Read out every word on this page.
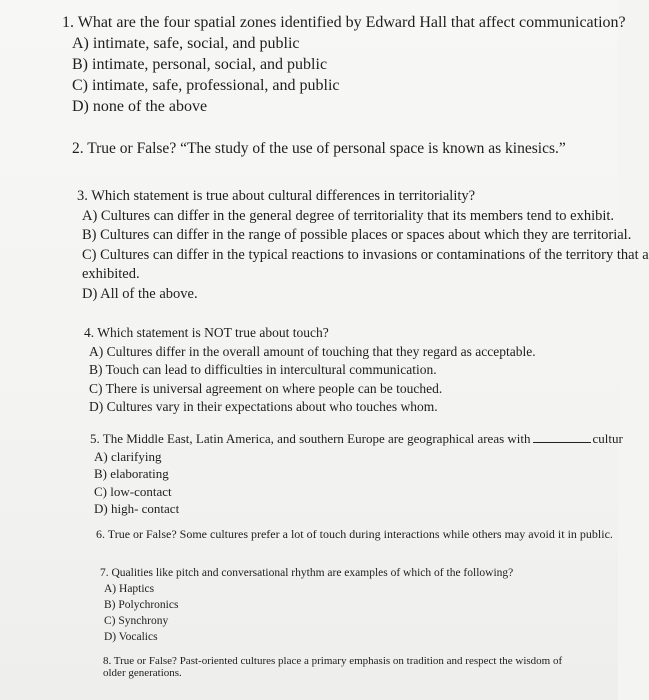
1. What are the four spatial zones identified by Edward Hall that affect communication?
A) intimate, safe, social, and public
B) intimate, personal, social, and public
C) intimate, safe, professional, and public
D) none of the above
2. True or False? “The study of the use of personal space is known as kinesics.”
3. Which statement is true about cultural differences in territoriality?
A) Cultures can differ in the general degree of territoriality that its members tend to exhibit.
B) Cultures can differ in the range of possible places or spaces about which they are territorial.
C) Cultures can differ in the typical reactions to invasions or contaminations of the territory that a
exhibited.
D) All of the above.
4. Which statement is NOT true about touch?
A) Cultures differ in the overall amount of touching that they regard as acceptable.
B) Touch can lead to difficulties in intercultural communication.
C) There is universal agreement on where people can be touched.
D) Cultures vary in their expectations about who touches whom.
5. The Middle East, Latin America, and southern Europe are geographical areas with	cultur
A) clarifying
B) elaborating
C) low-contact
D) high- contact
6. True or False? Some cultures prefer a lot of touch during interactions while others may avoid it in public.
7. Qualities like pitch and conversational rhythm are examples of which of the following?
A) Haptics
B) Polychronics
C) Synchrony
D) Vocalics
8. True or False? Past-oriented cultures place a primary emphasis on tradition and respect the wisdom of
older generations.
